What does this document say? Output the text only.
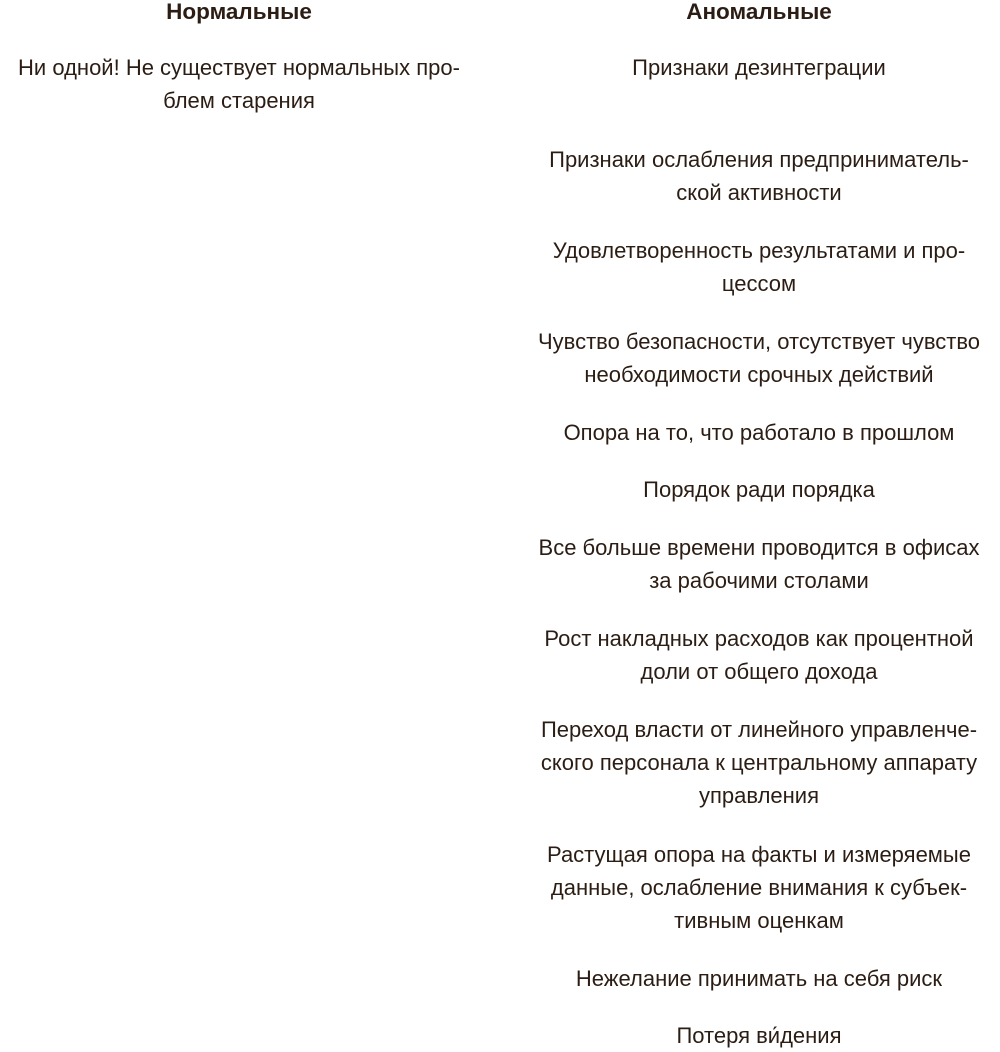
Нормальные

Ни одной! Не существует нормальных про-
блем старения

Аномальные

Признаки дезинтеграции

Признаки ослабления предприниматель-
ской активности

Удовлетворенность результатами и про-
цессом

Чувство безопасности, отсутствует чувство
необходимости срочных действий

Опора на то, что работало в прошлом

Порядок ради порядка

Все больше времени проводится в офисах
за рабочими столами

Рост накладных расходов как процентной
доли от общего дохода

Переход власти от линейного управленче-
ского персонала к центральному аппарату
управления

Растущая опора на факты и измеряемые
данные, ослабление внимания к субъек-
тивным оценкам

Нежелание принимать на себя риск

Потеря ви́дения
